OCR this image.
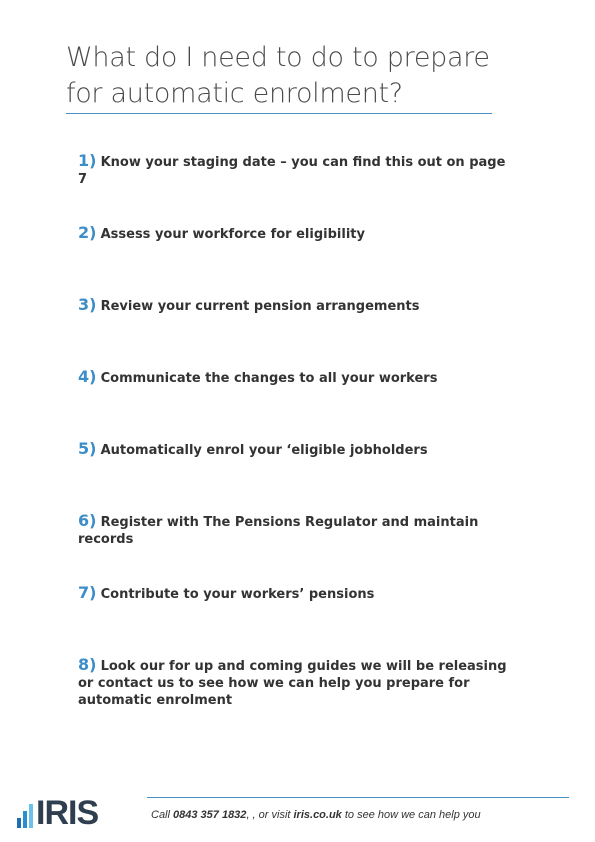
What do I need to do to prepare for automatic enrolment?
1) Know your staging date – you can find this out on page 7
2) Assess your workforce for eligibility
3) Review your current pension arrangements
4) Communicate the changes to all your workers
5) Automatically enrol your ‘eligible jobholders
6) Register with The Pensions Regulator and maintain records
7) Contribute to your workers’ pensions
8) Look our for up and coming guides we will be releasing or contact us to see how we can help you prepare for automatic enrolment
IRIS	Call 0843 357 1832, , or visit iris.co.uk to see how we can help you
